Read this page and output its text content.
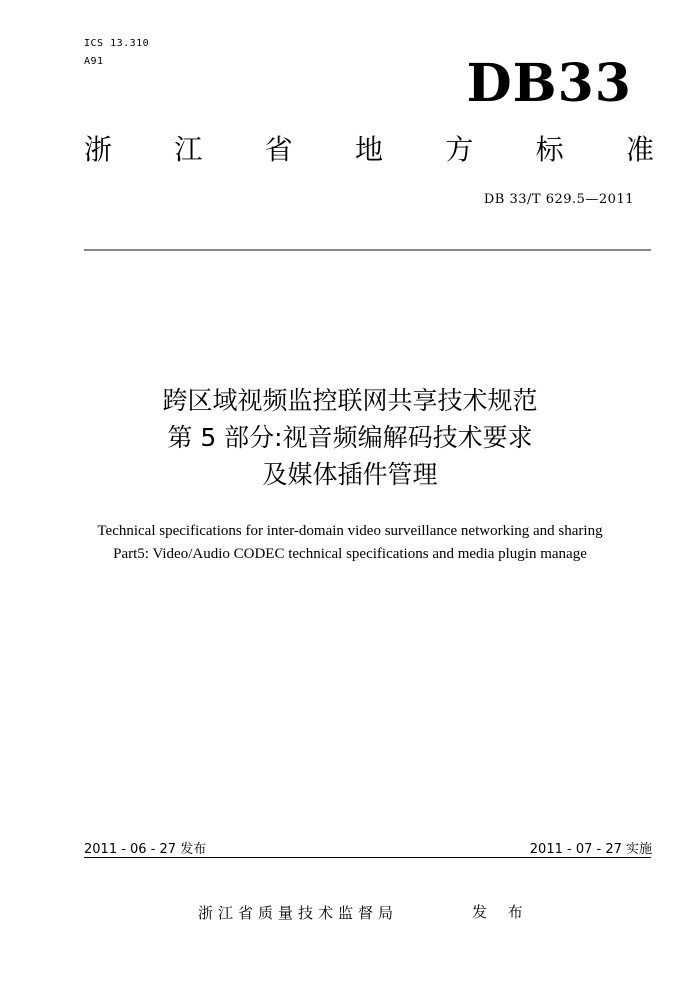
ICS 13.310
A91	DB33
浙 江 省 地 方 标 准
DB 33/T 629.5—2011
跨区域视频监控联网共享技术规范
第 5 部分:视音频编解码技术要求
及媒体插件管理
Technical specifications for inter-domain video surveillance networking and sharing
Part5: Video/Audio CODEC technical specifications and media plugin manage
2011 - 06 - 27 发布	2011 - 07 - 27 实施
浙江省质量技术监督局	发 布
